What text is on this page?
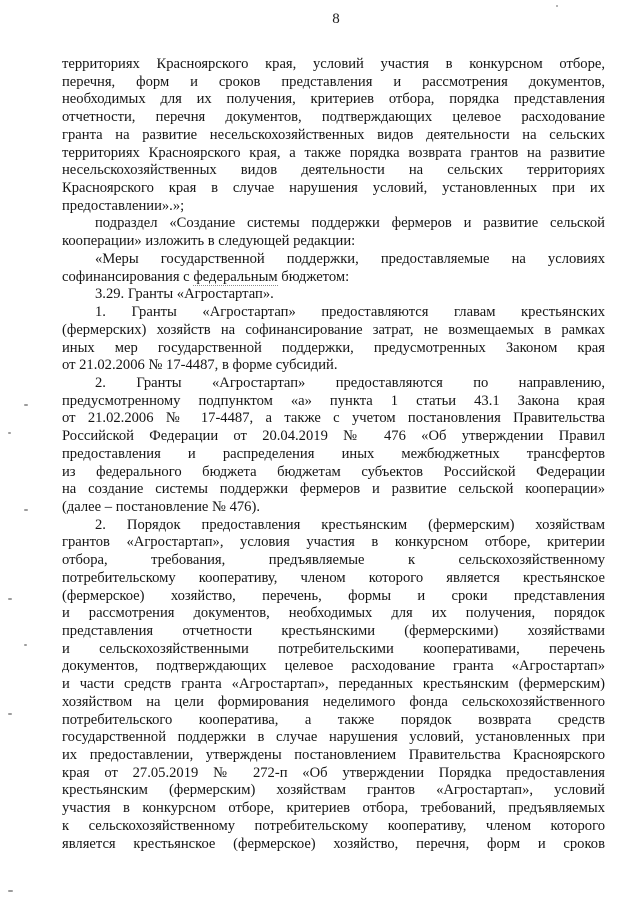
8
территориях Красноярского края, условий участия в конкурсном отборе,
перечня, форм и сроков представления и рассмотрения документов,
необходимых для их получения, критериев отбора, порядка представления
отчетности, перечня документов, подтверждающих целевое расходование
гранта на развитие несельскохозяйственных видов деятельности на сельских
территориях Красноярского края, а также порядка возврата грантов на развитие
несельскохозяйственных видов деятельности на сельских территориях
Красноярского края в случае нарушения условий, установленных при их
предоставлении».»;
подраздел «Создание системы поддержки фермеров и развитие сельской
кооперации» изложить в следующей редакции:
«Меры государственной поддержки, предоставляемые на условиях
софинансирования с федеральным бюджетом:
3.29. Гранты «Агростартап».
1. Гранты «Агростартап» предоставляются главам крестьянских
(фермерских) хозяйств на софинансирование затрат, не возмещаемых в рамках
иных мер государственной поддержки, предусмотренных Законом края
от 21.02.2006 № 17-4487, в форме субсидий.
2. Гранты «Агростартап» предоставляются по направлению,
предусмотренному подпунктом «а» пункта 1 статьи 43.1 Закона края
от 21.02.2006 № 17-4487, а также с учетом постановления Правительства
Российской Федерации от 20.04.2019 № 476 «Об утверждении Правил
предоставления и распределения иных межбюджетных трансфертов
из федерального бюджета бюджетам субъектов Российской Федерации
на создание системы поддержки фермеров и развитие сельской кооперации»
(далее – постановление № 476).
2. Порядок предоставления крестьянским (фермерским) хозяйствам
грантов «Агростартап», условия участия в конкурсном отборе, критерии
отбора, требования, предъявляемые к сельскохозяйственному
потребительскому кооперативу, членом которого является крестьянское
(фермерское) хозяйство, перечень, формы и сроки представления
и рассмотрения документов, необходимых для их получения, порядок
представления отчетности крестьянскими (фермерскими) хозяйствами
и сельскохозяйственными потребительскими кооперативами, перечень
документов, подтверждающих целевое расходование гранта «Агростартап»
и части средств гранта «Агростартап», переданных крестьянским (фермерским)
хозяйством на цели формирования неделимого фонда сельскохозяйственного
потребительского кооператива, а также порядок возврата средств
государственной поддержки в случае нарушения условий, установленных при
их предоставлении, утверждены постановлением Правительства Красноярского
края от 27.05.2019 № 272-п «Об утверждении Порядка предоставления
крестьянским (фермерским) хозяйствам грантов «Агростартап», условий
участия в конкурсном отборе, критериев отбора, требований, предъявляемых
к сельскохозяйственному потребительскому кооперативу, членом которого
является крестьянское (фермерское) хозяйство, перечня, форм и сроков
